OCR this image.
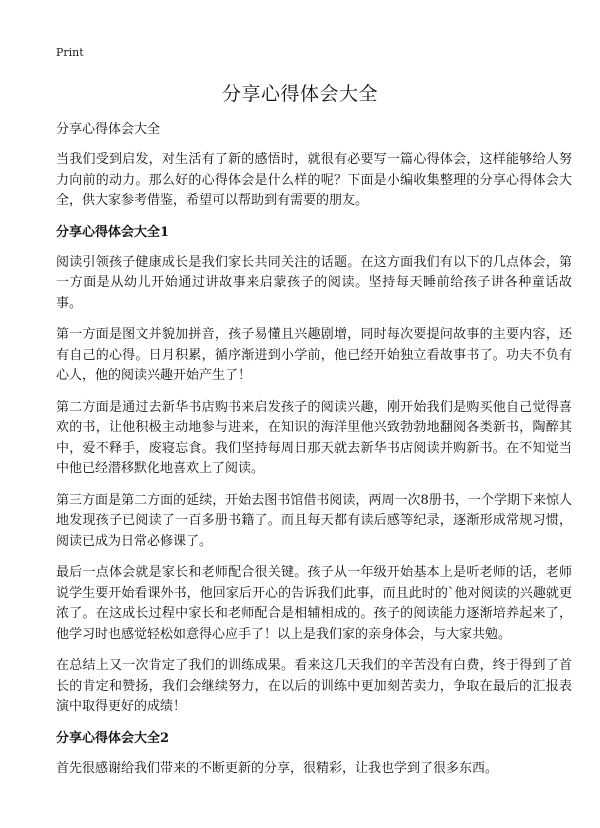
Print
分享心得体会大全
分享心得体会大全

当我们受到启发，对生活有了新的感悟时，就很有必要写一篇心得体会，这样能够给人努力向前的动力。那么好的心得体会是什么样的呢？下面是小编收集整理的分享心得体会大全，供大家参考借鉴，希望可以帮助到有需要的朋友。

分享心得体会大全1

阅读引领孩子健康成长是我们家长共同关注的话题。在这方面我们有以下的几点体会，第一方面是从幼儿开始通过讲故事来启蒙孩子的阅读。坚持每天睡前给孩子讲各种童话故事。

第一方面是图文并貌加拼音，孩子易懂且兴趣剧增，同时每次要提问故事的主要内容，还有自己的心得。日月积累，循序渐进到小学前，他已经开始独立看故事书了。功夫不负有心人，他的阅读兴趣开始产生了！

第二方面是通过去新华书店购书来启发孩子的阅读兴趣，刚开始我们是购买他自己觉得喜欢的书，让他积极主动地参与进来，在知识的海洋里他兴致勃勃地翻阅各类新书，陶醉其中，爱不释手，废寝忘食。我们坚持每周日那天就去新华书店阅读并购新书。在不知觉当中他已经潜移默化地喜欢上了阅读。

第三方面是第二方面的延续，开始去图书馆借书阅读，两周一次8册书，一个学期下来惊人地发现孩子已阅读了一百多册书籍了。而且每天都有读后感等纪录，逐渐形成常规习惯，阅读已成为日常必修课了。

最后一点体会就是家长和老师配合很关键。孩子从一年级开始基本上是听老师的话，老师说学生要开始看课外书，他回家后开心的告诉我们此事，而且此时的`他对阅读的兴趣就更浓了。在这成长过程中家长和老师配合是相辅相成的。孩子的阅读能力逐渐培养起来了，他学习时也感觉轻松如意得心应手了！以上是我们家的亲身体会，与大家共勉。

在总结上又一次肯定了我们的训练成果。看来这几天我们的辛苦没有白费，终于得到了首长的肯定和赞扬，我们会继续努力，在以后的训练中更加刻苦卖力，争取在最后的汇报表演中取得更好的成绩！

分享心得体会大全2

首先很感谢给我们带来的不断更新的分享，很精彩，让我也学到了很多东西。
